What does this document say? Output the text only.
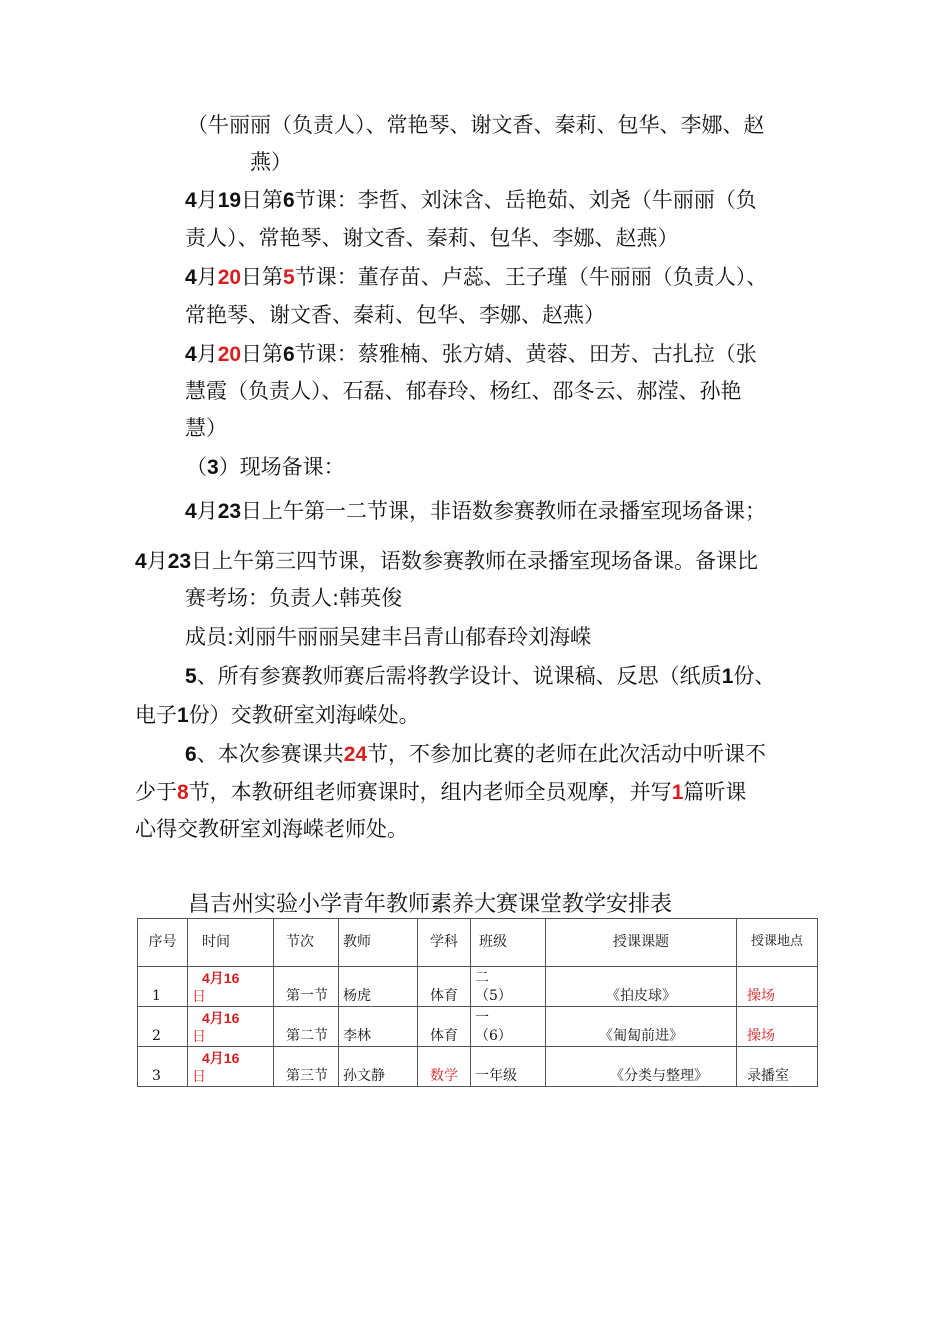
（牛丽丽（负责人）、常艳琴、谢文香、秦莉、包华、李娜、赵
燕）
4月19日第6节课：李哲、刘沫含、岳艳茹、刘尧（牛丽丽（负
责人）、常艳琴、谢文香、秦莉、包华、李娜、赵燕）
4月20日第5节课：董存苗、卢蕊、王子瑾（牛丽丽（负责人）、
常艳琴、谢文香、秦莉、包华、李娜、赵燕）
4月20日第6节课：蔡雅楠、张方婧、黄蓉、田芳、古扎拉（张
慧霞（负责人）、石磊、郁春玲、杨红、邵冬云、郝滢、孙艳
慧）
（3）现场备课：
4月23日上午第一二节课，非语数参赛教师在录播室现场备课；
4月23日上午第三四节课，语数参赛教师在录播室现场备课。备课比
赛考场：负责人:韩英俊
成员:刘丽牛丽丽吴建丰吕青山郁春玲刘海嵘
5、所有参赛教师赛后需将教学设计、说课稿、反思（纸质1份、
电子1份）交教研室刘海嵘处。
6、本次参赛课共24节，不参加比赛的老师在此次活动中听课不
少于8节，本教研组老师赛课时，组内老师全员观摩，并写1篇听课
心得交教研室刘海嵘老师处。
昌吉州实验小学青年教师素养大赛课堂教学安排表
序号	时间	节次	教师	学科	班级	授课课题	授课地点
1	4月16
日	第一节	杨虎	体育	二
（5）	《拍皮球》	操场
2	4月16
日	第二节	李林	体育	一
（6）	《匍匐前进》	操场
3	4月16
日	第三节	孙文静	数学	一年级	《分类与整理》	录播室
